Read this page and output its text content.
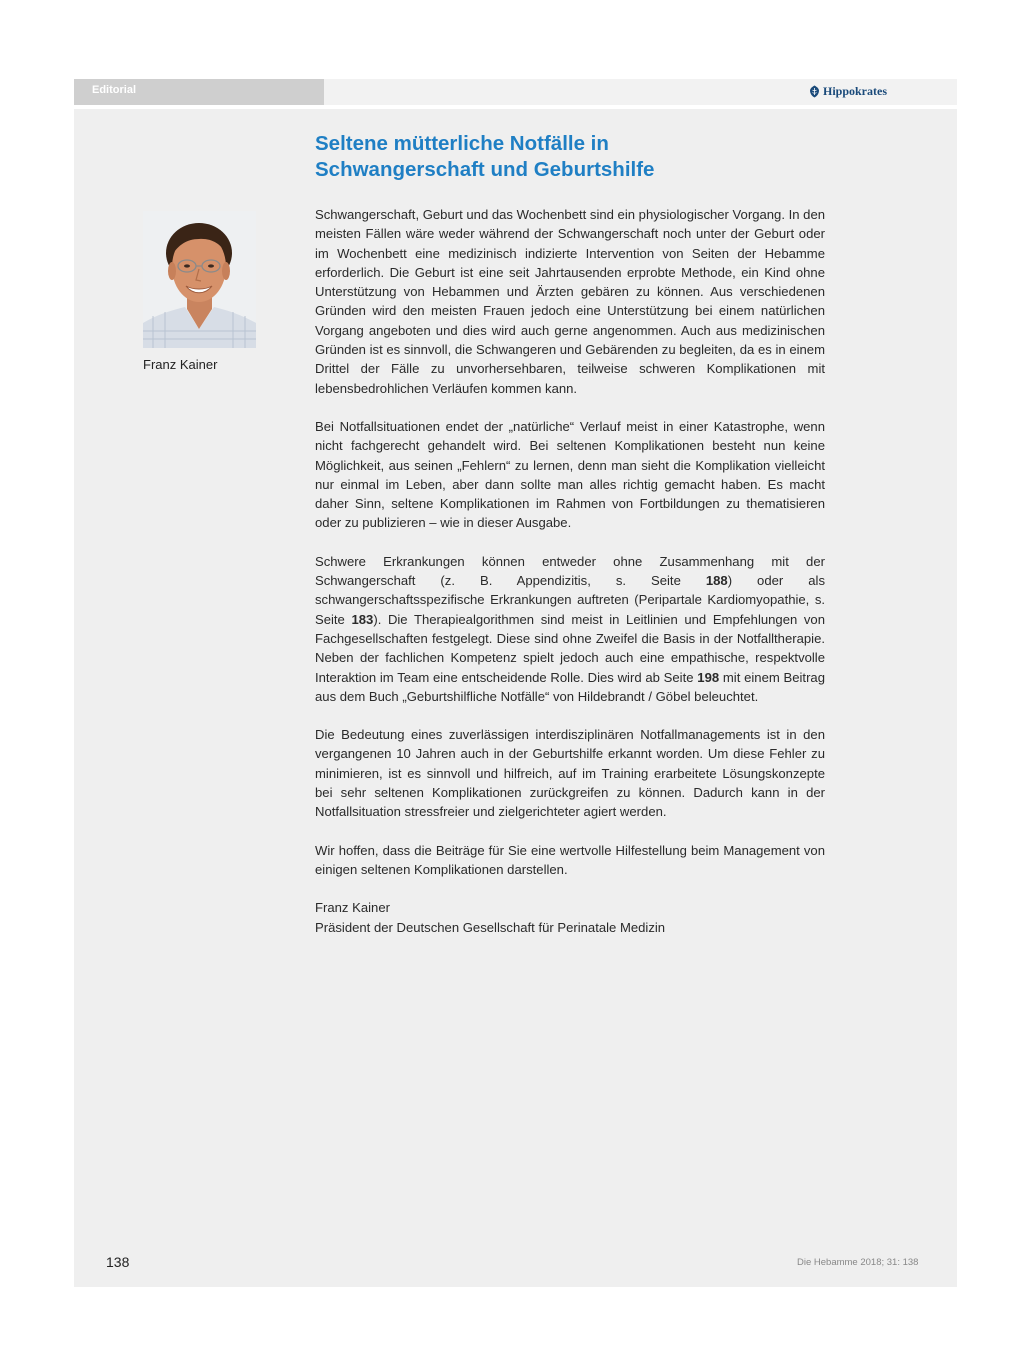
Editorial	Hippokrates
Seltene mütterliche Notfälle in
Schwangerschaft und Geburtshilfe
Franz Kainer

Schwangerschaft, Geburt und das Wochenbett sind ein physiologischer Vorgang. In den meisten Fällen wäre weder während der Schwangerschaft noch unter der Geburt oder im Wochenbett eine medizinisch indizierte Intervention von Seiten der Hebamme erforderlich. Die Geburt ist eine seit Jahrtausenden erprobte Methode, ein Kind ohne Unterstützung von Hebammen und Ärzten gebären zu können. Aus verschiedenen Gründen wird den meisten Frauen jedoch eine Unterstützung bei einem natürlichen Vorgang angeboten und dies wird auch gerne angenommen. Auch aus medizinischen Gründen ist es sinnvoll, die Schwangeren und Gebärenden zu begleiten, da es in einem Drittel der Fälle zu unvorhersehbaren, teilweise schweren Komplikationen mit lebensbedrohlichen Verläufen kommen kann.

Bei Notfallsituationen endet der „natürliche“ Verlauf meist in einer Katastrophe, wenn nicht fachgerecht gehandelt wird. Bei seltenen Komplikationen besteht nun keine Möglichkeit, aus seinen „Fehlern“ zu lernen, denn man sieht die Komplikation vielleicht nur einmal im Leben, aber dann sollte man alles richtig gemacht haben. Es macht daher Sinn, seltene Komplikationen im Rahmen von Fortbildungen zu thematisieren oder zu publizieren – wie in dieser Ausgabe.

Schwere Erkrankungen können entweder ohne Zusammenhang mit der Schwangerschaft (z. B. Appendizitis, s. Seite 188) oder als schwangerschaftsspezifische Erkrankungen auftreten (Peripartale Kardiomyopathie, s. Seite 183). Die Therapiealgorithmen sind meist in Leitlinien und Empfehlungen von Fachgesellschaften festgelegt. Diese sind ohne Zweifel die Basis in der Notfalltherapie. Neben der fachlichen Kompetenz spielt jedoch auch eine empathische, respektvolle Interaktion im Team eine entscheidende Rolle. Dies wird ab Seite 198 mit einem Beitrag aus dem Buch „Geburtshilfliche Notfälle“ von Hildebrandt / Göbel beleuchtet.

Die Bedeutung eines zuverlässigen interdisziplinären Notfallmanagements ist in den vergangenen 10 Jahren auch in der Geburtshilfe erkannt worden. Um diese Fehler zu minimieren, ist es sinnvoll und hilfreich, auf im Training erarbeitete Lösungskonzepte bei sehr seltenen Komplikationen zurückgreifen zu können. Dadurch kann in der Notfallsituation stressfreier und zielgerichteter agiert werden.

Wir hoffen, dass die Beiträge für Sie eine wertvolle Hilfestellung beim Management von einigen seltenen Komplikationen darstellen.

Franz Kainer
Präsident der Deutschen Gesellschaft für Perinatale Medizin
138	Die Hebamme 2018; 31: 138
